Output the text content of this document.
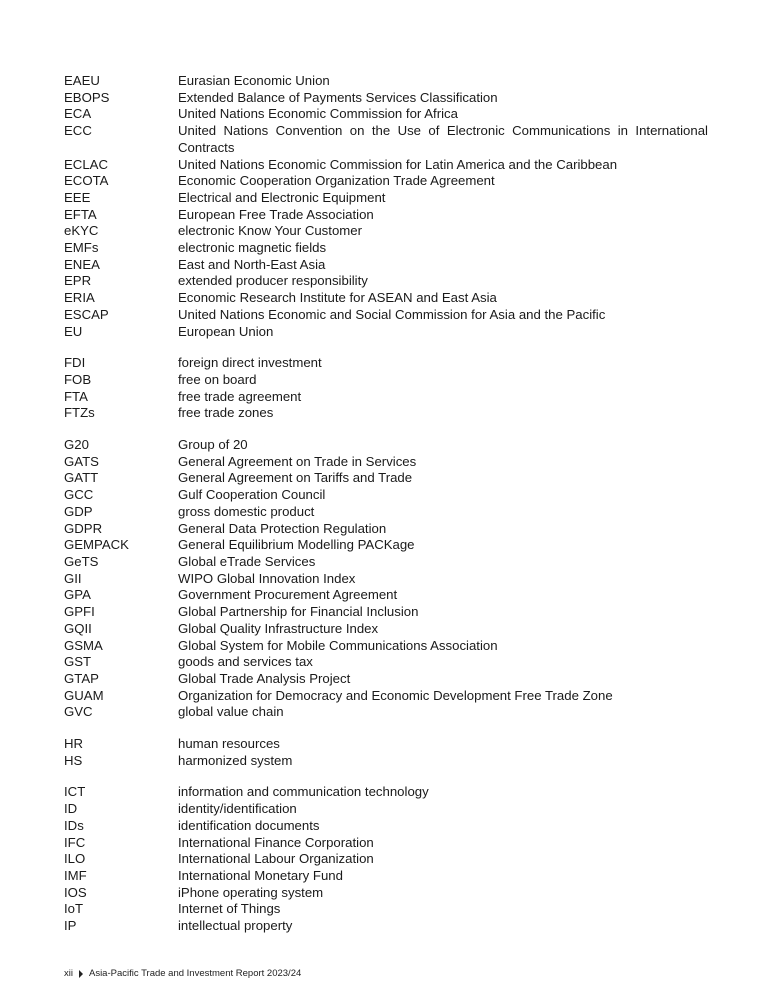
EAEU	Eurasian Economic Union
EBOPS	Extended Balance of Payments Services Classification
ECA	United Nations Economic Commission for Africa
ECC	United Nations Convention on the Use of Electronic Communications in International Contracts
ECLAC	United Nations Economic Commission for Latin America and the Caribbean
ECOTA	Economic Cooperation Organization Trade Agreement
EEE	Electrical and Electronic Equipment
EFTA	European Free Trade Association
eKYC	electronic Know Your Customer
EMFs	electronic magnetic fields
ENEA	East and North-East Asia
EPR	extended producer responsibility
ERIA	Economic Research Institute for ASEAN and East Asia
ESCAP	United Nations Economic and Social Commission for Asia and the Pacific
EU	European Union
FDI	foreign direct investment
FOB	free on board
FTA	free trade agreement
FTZs	free trade zones
G20	Group of 20
GATS	General Agreement on Trade in Services
GATT	General Agreement on Tariffs and Trade
GCC	Gulf Cooperation Council
GDP	gross domestic product
GDPR	General Data Protection Regulation
GEMPACK	General Equilibrium Modelling PACKage
GeTS	Global eTrade Services
GII	WIPO Global Innovation Index
GPA	Government Procurement Agreement
GPFI	Global Partnership for Financial Inclusion
GQII	Global Quality Infrastructure Index
GSMA	Global System for Mobile Communications Association
GST	goods and services tax
GTAP	Global Trade Analysis Project
GUAM	Organization for Democracy and Economic Development Free Trade Zone
GVC	global value chain
HR	human resources
HS	harmonized system
ICT	information and communication technology
ID	identity/identification
IDs	identification documents
IFC	International Finance Corporation
ILO	International Labour Organization
IMF	International Monetary Fund
IOS	iPhone operating system
IoT	Internet of Things
IP	intellectual property
xii Asia-Pacific Trade and Investment Report 2023/24
